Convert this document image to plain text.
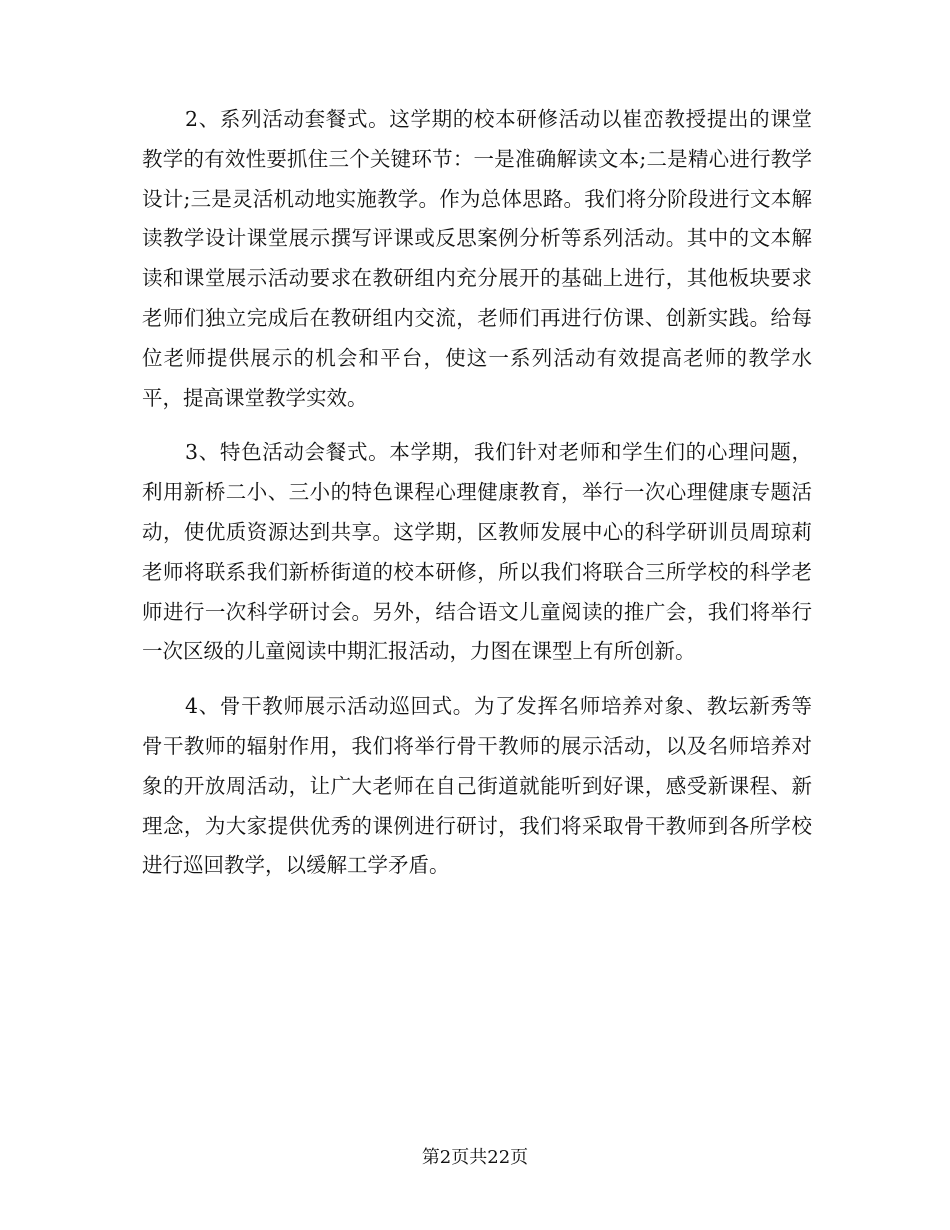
2、系列活动套餐式。这学期的校本研修活动以崔峦教授提出的课堂教学的有效性要抓住三个关键环节：一是准确解读文本;二是精心进行教学设计;三是灵活机动地实施教学。作为总体思路。我们将分阶段进行文本解读教学设计课堂展示撰写评课或反思案例分析等系列活动。其中的文本解读和课堂展示活动要求在教研组内充分展开的基础上进行，其他板块要求老师们独立完成后在教研组内交流，老师们再进行仿课、创新实践。给每位老师提供展示的机会和平台，使这一系列活动有效提高老师的教学水平，提高课堂教学实效。

3、特色活动会餐式。本学期，我们针对老师和学生们的心理问题，利用新桥二小、三小的特色课程心理健康教育，举行一次心理健康专题活动，使优质资源达到共享。这学期，区教师发展中心的科学研训员周琼莉老师将联系我们新桥街道的校本研修，所以我们将联合三所学校的科学老师进行一次科学研讨会。另外，结合语文儿童阅读的推广会，我们将举行一次区级的儿童阅读中期汇报活动，力图在课型上有所创新。

4、骨干教师展示活动巡回式。为了发挥名师培养对象、教坛新秀等骨干教师的辐射作用，我们将举行骨干教师的展示活动，以及名师培养对象的开放周活动，让广大老师在自己街道就能听到好课，感受新课程、新理念，为大家提供优秀的课例进行研讨，我们将采取骨干教师到各所学校进行巡回教学，以缓解工学矛盾。

第2页共22页
